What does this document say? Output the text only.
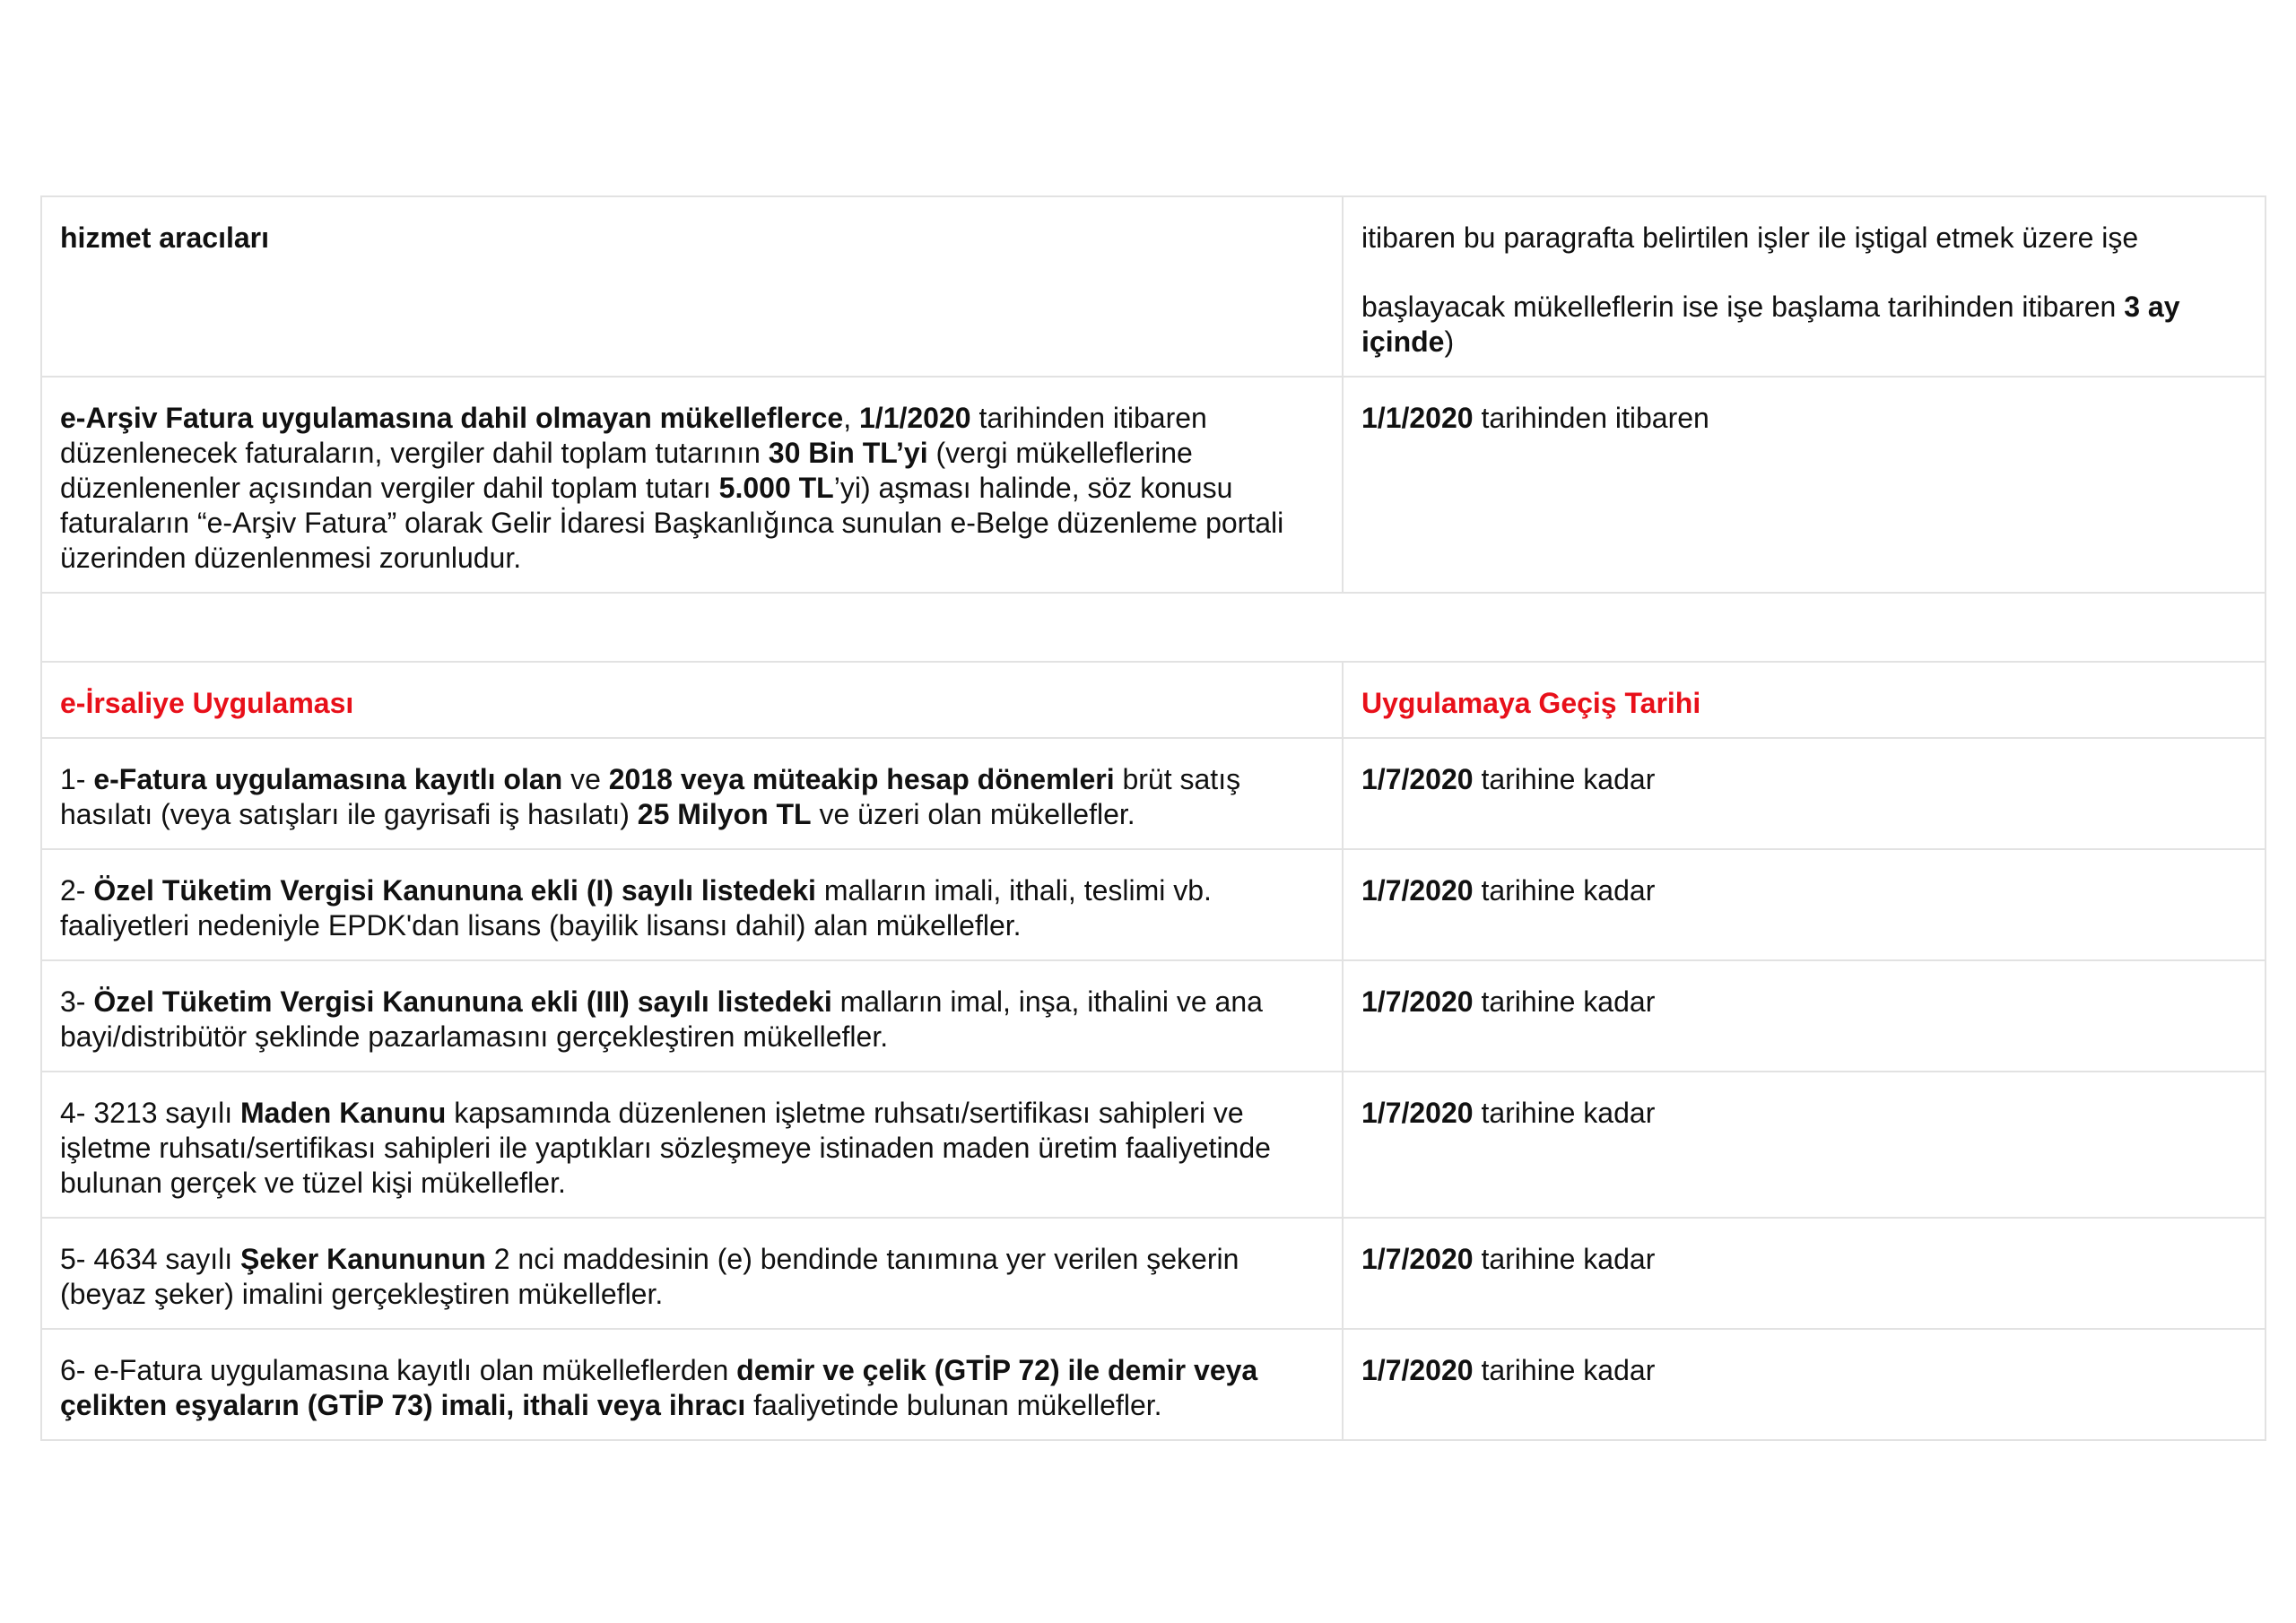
hizmet aracıları	itibaren bu paragrafta belirtilen işler ile iştigal etmek üzere işe
başlayacak mükelleflerin ise işe başlama tarihinden itibaren 3 ay içinde)

e-Arşiv Fatura uygulamasına dahil olmayan mükelleflerce, 1/1/2020 tarihinden itibaren düzenlenecek faturaların, vergiler dahil toplam tutarının 30 Bin TL’yi (vergi mükelleflerine düzenlenenler açısından vergiler dahil toplam tutarı 5.000 TL’yi) aşması halinde, söz konusu faturaların “e-Arşiv Fatura” olarak Gelir İdaresi Başkanlığınca sunulan e-Belge düzenleme portali üzerinden düzenlenmesi zorunludur.	1/1/2020 tarihinden itibaren

e-İrsaliye Uygulaması	Uygulamaya Geçiş Tarihi
1- e-Fatura uygulamasına kayıtlı olan ve 2018 veya müteakip hesap dönemleri brüt satış hasılatı (veya satışları ile gayrisafi iş hasılatı) 25 Milyon TL ve üzeri olan mükellefler.	1/7/2020 tarihine kadar
2- Özel Tüketim Vergisi Kanununa ekli (I) sayılı listedeki malların imali, ithali, teslimi vb. faaliyetleri nedeniyle EPDK'dan lisans (bayilik lisansı dahil) alan mükellefler.	1/7/2020 tarihine kadar
3- Özel Tüketim Vergisi Kanununa ekli (III) sayılı listedeki malların imal, inşa, ithalini ve ana bayi/distribütör şeklinde pazarlamasını gerçekleştiren mükellefler.	1/7/2020 tarihine kadar
4- 3213 sayılı Maden Kanunu kapsamında düzenlenen işletme ruhsatı/sertifikası sahipleri ve işletme ruhsatı/sertifikası sahipleri ile yaptıkları sözleşmeye istinaden maden üretim faaliyetinde bulunan gerçek ve tüzel kişi mükellefler.	1/7/2020 tarihine kadar
5- 4634 sayılı Şeker Kanununun 2 nci maddesinin (e) bendinde tanımına yer verilen şekerin (beyaz şeker) imalini gerçekleştiren mükellefler.	1/7/2020 tarihine kadar
6- e-Fatura uygulamasına kayıtlı olan mükelleflerden demir ve çelik (GTİP 72) ile demir veya çelikten eşyaların (GTİP 73) imali, ithali veya ihracı faaliyetinde bulunan mükellefler.	1/7/2020 tarihine kadar
